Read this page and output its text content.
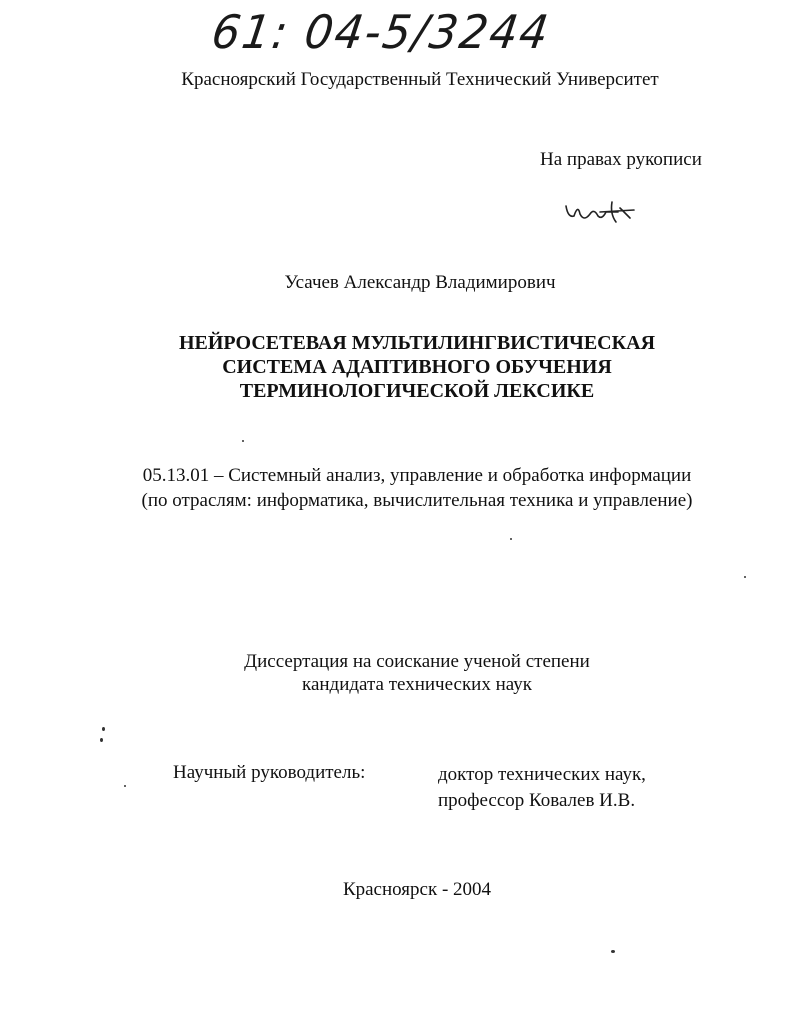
61: 04-5/3244
Красноярский Государственный Технический Университет
На правах рукописи
Усачев Александр Владимирович
НЕЙРОСЕТЕВАЯ МУЛЬТИЛИНГВИСТИЧЕСКАЯ
СИСТЕМА АДАПТИВНОГО ОБУЧЕНИЯ
ТЕРМИНОЛОГИЧЕСКОЙ ЛЕКСИКЕ
05.13.01 – Системный анализ, управление и обработка информации
(по отраслям: информатика, вычислительная техника и управление)
Диссертация на соискание ученой степени
кандидата технических наук
Научный руководитель:	доктор технических наук,
профессор Ковалев И.В.
Красноярск - 2004
